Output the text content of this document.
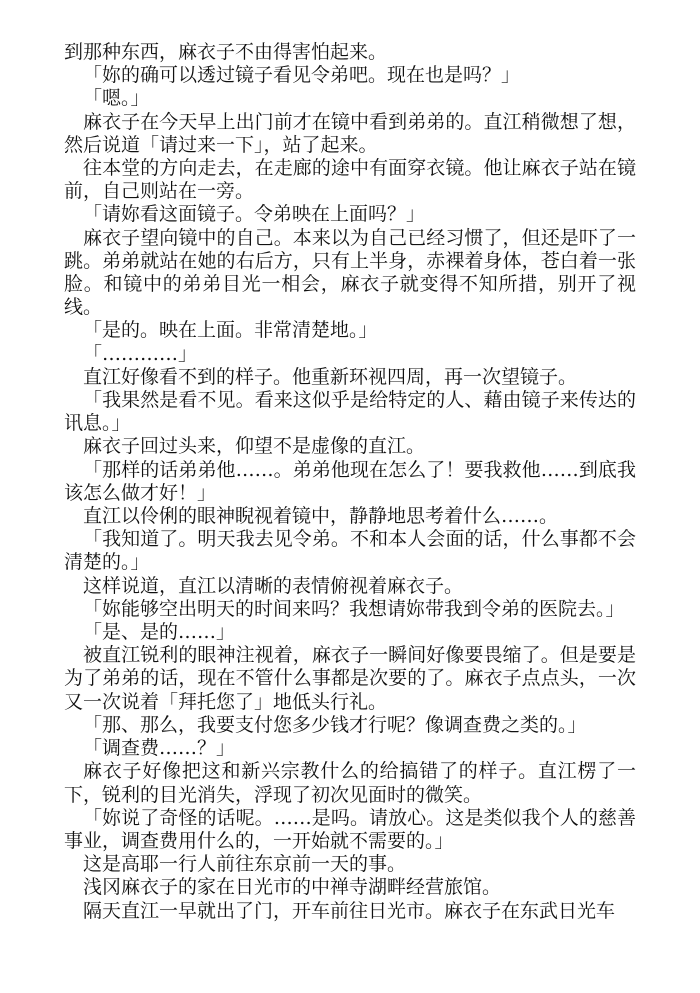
到那种东西，麻衣子不由得害怕起来。

「妳的确可以透过镜子看见令弟吧。现在也是吗？」

「嗯。」

麻衣子在今天早上出门前才在镜中看到弟弟的。直江稍微想了想，然后说道「请过来一下」，站了起来。

往本堂的方向走去，在走廊的途中有面穿衣镜。他让麻衣子站在镜前，自己则站在一旁。

「请妳看这面镜子。令弟映在上面吗？」

麻衣子望向镜中的自己。本来以为自己已经习惯了，但还是吓了一跳。弟弟就站在她的右后方，只有上半身，赤裸着身体，苍白着一张脸。和镜中的弟弟目光一相会，麻衣子就变得不知所措，别开了视线。

「是的。映在上面。非常清楚地。」

「…………」

直江好像看不到的样子。他重新环视四周，再一次望镜子。

「我果然是看不见。看来这似乎是给特定的人、藉由镜子来传达的讯息。」

麻衣子回过头来，仰望不是虚像的直江。

「那样的话弟弟他……。弟弟他现在怎么了！要我救他……到底我该怎么做才好！」

直江以伶俐的眼神睨视着镜中，静静地思考着什么……。

「我知道了。明天我去见令弟。不和本人会面的话，什么事都不会清楚的。」

这样说道，直江以清晰的表情俯视着麻衣子。

「妳能够空出明天的时间来吗？我想请妳带我到令弟的医院去。」

「是、是的……」

被直江锐利的眼神注视着，麻衣子一瞬间好像要畏缩了。但是要是为了弟弟的话，现在不管什么事都是次要的了。麻衣子点点头，一次又一次说着「拜托您了」地低头行礼。

「那、那么，我要支付您多少钱才行呢？像调查费之类的。」

「调查费……？」

麻衣子好像把这和新兴宗教什么的给搞错了的样子。直江楞了一下，锐利的目光消失，浮现了初次见面时的微笑。

「妳说了奇怪的话呢。……是吗。请放心。这是类似我个人的慈善事业，调查费用什么的，一开始就不需要的。」

这是高耶一行人前往东京前一天的事。

浅冈麻衣子的家在日光市的中禅寺湖畔经营旅馆。

隔天直江一早就出了门，开车前往日光市。麻衣子在东武日光车
